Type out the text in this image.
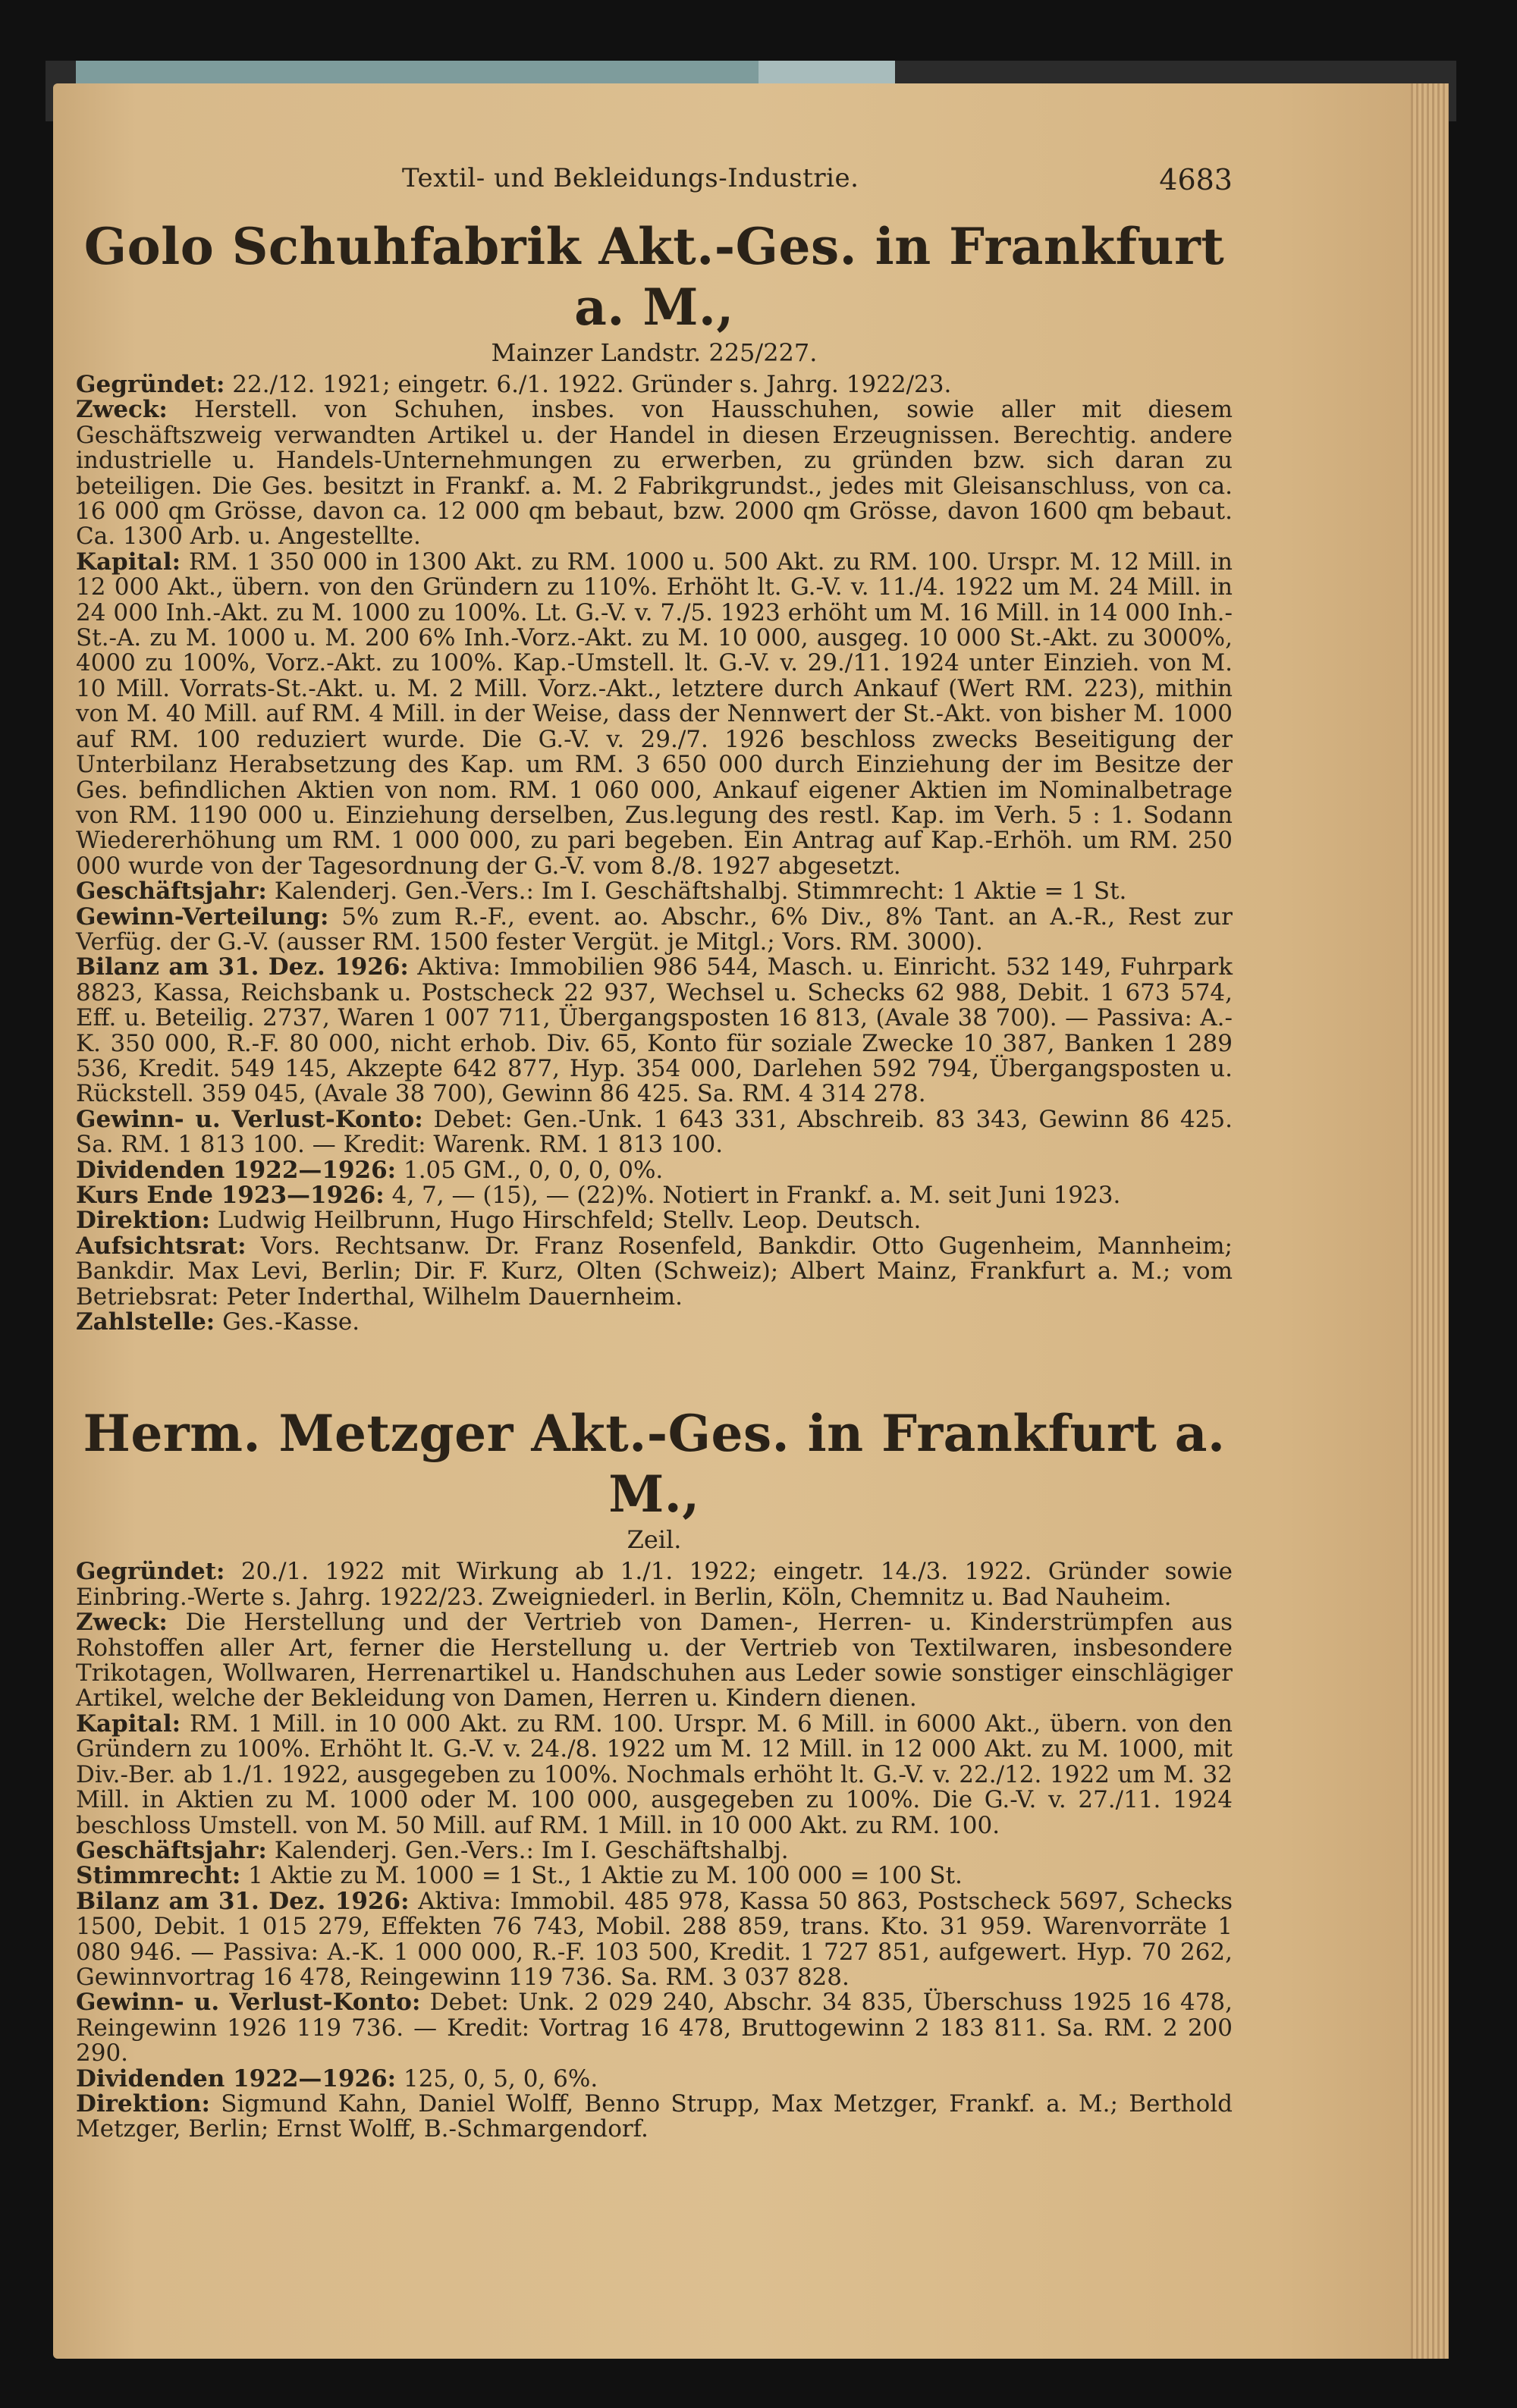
Textil- und Bekleidungs-Industrie.	4683
Golo Schuhfabrik Akt.-Ges. in Frankfurt a. M.,
Mainzer Landstr. 225/227.

Gegründet: 22./12. 1921; eingetr. 6./1. 1922. Gründer s. Jahrg. 1922/23.

Zweck: Herstell. von Schuhen, insbes. von Hausschuhen, sowie aller mit diesem Geschäftszweig verwandten Artikel u. der Handel in diesen Erzeugnissen. Berechtig. andere industrielle u. Handels-Unternehmungen zu erwerben, zu gründen bzw. sich daran zu beteiligen. Die Ges. besitzt in Frankf. a. M. 2 Fabrikgrundst., jedes mit Gleisanschluss, von ca. 16 000 qm Grösse, davon ca. 12 000 qm bebaut, bzw. 2000 qm Grösse, davon 1600 qm bebaut. Ca. 1300 Arb. u. Angestellte.

Kapital: RM. 1 350 000 in 1300 Akt. zu RM. 1000 u. 500 Akt. zu RM. 100. Urspr. M. 12 Mill. in 12 000 Akt., übern. von den Gründern zu 110%. Erhöht lt. G.-V. v. 11./4. 1922 um M. 24 Mill. in 24 000 Inh.-Akt. zu M. 1000 zu 100%. Lt. G.-V. v. 7./5. 1923 erhöht um M. 16 Mill. in 14 000 Inh.-St.-A. zu M. 1000 u. M. 200 6% Inh.-Vorz.-Akt. zu M. 10 000, ausgeg. 10 000 St.-Akt. zu 3000%, 4000 zu 100%, Vorz.-Akt. zu 100%. Kap.-Umstell. lt. G.-V. v. 29./11. 1924 unter Einzieh. von M. 10 Mill. Vorrats-St.-Akt. u. M. 2 Mill. Vorz.-Akt., letztere durch Ankauf (Wert RM. 223), mithin von M. 40 Mill. auf RM. 4 Mill. in der Weise, dass der Nennwert der St.-Akt. von bisher M. 1000 auf RM. 100 reduziert wurde. Die G.-V. v. 29./7. 1926 beschloss zwecks Beseitigung der Unterbilanz Herabsetzung des Kap. um RM. 3 650 000 durch Einziehung der im Besitze der Ges. befindlichen Aktien von nom. RM. 1 060 000, Ankauf eigener Aktien im Nominalbetrage von RM. 1190 000 u. Einziehung derselben, Zus.legung des restl. Kap. im Verh. 5 : 1. Sodann Wiedererhöhung um RM. 1 000 000, zu pari begeben. Ein Antrag auf Kap.-Erhöh. um RM. 250 000 wurde von der Tagesordnung der G.-V. vom 8./8. 1927 abgesetzt.

Geschäftsjahr: Kalenderj. Gen.-Vers.: Im I. Geschäftshalbj. Stimmrecht: 1 Aktie = 1 St.

Gewinn-Verteilung: 5% zum R.-F., event. ao. Abschr., 6% Div., 8% Tant. an A.-R., Rest zur Verfüg. der G.-V. (ausser RM. 1500 fester Vergüt. je Mitgl.; Vors. RM. 3000).

Bilanz am 31. Dez. 1926: Aktiva: Immobilien 986 544, Masch. u. Einricht. 532 149, Fuhrpark 8823, Kassa, Reichsbank u. Postscheck 22 937, Wechsel u. Schecks 62 988, Debit. 1 673 574, Eff. u. Beteilig. 2737, Waren 1 007 711, Übergangsposten 16 813, (Avale 38 700). — Passiva: A.-K. 350 000, R.-F. 80 000, nicht erhob. Div. 65, Konto für soziale Zwecke 10 387, Banken 1 289 536, Kredit. 549 145, Akzepte 642 877, Hyp. 354 000, Darlehen 592 794, Übergangsposten u. Rückstell. 359 045, (Avale 38 700), Gewinn 86 425. Sa. RM. 4 314 278.

Gewinn- u. Verlust-Konto: Debet: Gen.-Unk. 1 643 331, Abschreib. 83 343, Gewinn 86 425. Sa. RM. 1 813 100. — Kredit: Warenk. RM. 1 813 100.

Dividenden 1922—1926: 1.05 GM., 0, 0, 0, 0%.

Kurs Ende 1923—1926: 4, 7, — (15), — (22)%. Notiert in Frankf. a. M. seit Juni 1923.

Direktion: Ludwig Heilbrunn, Hugo Hirschfeld; Stellv. Leop. Deutsch.

Aufsichtsrat: Vors. Rechtsanw. Dr. Franz Rosenfeld, Bankdir. Otto Gugenheim, Mannheim; Bankdir. Max Levi, Berlin; Dir. F. Kurz, Olten (Schweiz); Albert Mainz, Frankfurt a. M.; vom Betriebsrat: Peter Inderthal, Wilhelm Dauernheim.

Zahlstelle: Ges.-Kasse.

Herm. Metzger Akt.-Ges. in Frankfurt a. M.,
Zeil.

Gegründet: 20./1. 1922 mit Wirkung ab 1./1. 1922; eingetr. 14./3. 1922. Gründer sowie Einbring.-Werte s. Jahrg. 1922/23. Zweigniederl. in Berlin, Köln, Chemnitz u. Bad Nauheim.

Zweck: Die Herstellung und der Vertrieb von Damen-, Herren- u. Kinderstrümpfen aus Rohstoffen aller Art, ferner die Herstellung u. der Vertrieb von Textilwaren, insbesondere Trikotagen, Wollwaren, Herrenartikel u. Handschuhen aus Leder sowie sonstiger einschlägiger Artikel, welche der Bekleidung von Damen, Herren u. Kindern dienen.

Kapital: RM. 1 Mill. in 10 000 Akt. zu RM. 100. Urspr. M. 6 Mill. in 6000 Akt., übern. von den Gründern zu 100%. Erhöht lt. G.-V. v. 24./8. 1922 um M. 12 Mill. in 12 000 Akt. zu M. 1000, mit Div.-Ber. ab 1./1. 1922, ausgegeben zu 100%. Nochmals erhöht lt. G.-V. v. 22./12. 1922 um M. 32 Mill. in Aktien zu M. 1000 oder M. 100 000, ausgegeben zu 100%. Die G.-V. v. 27./11. 1924 beschloss Umstell. von M. 50 Mill. auf RM. 1 Mill. in 10 000 Akt. zu RM. 100.

Geschäftsjahr: Kalenderj. Gen.-Vers.: Im I. Geschäftshalbj.

Stimmrecht: 1 Aktie zu M. 1000 = 1 St., 1 Aktie zu M. 100 000 = 100 St.

Bilanz am 31. Dez. 1926: Aktiva: Immobil. 485 978, Kassa 50 863, Postscheck 5697, Schecks 1500, Debit. 1 015 279, Effekten 76 743, Mobil. 288 859, trans. Kto. 31 959. Warenvorräte 1 080 946. — Passiva: A.-K. 1 000 000, R.-F. 103 500, Kredit. 1 727 851, aufgewert. Hyp. 70 262, Gewinnvortrag 16 478, Reingewinn 119 736. Sa. RM. 3 037 828.

Gewinn- u. Verlust-Konto: Debet: Unk. 2 029 240, Abschr. 34 835, Überschuss 1925 16 478, Reingewinn 1926 119 736. — Kredit: Vortrag 16 478, Bruttogewinn 2 183 811. Sa. RM. 2 200 290.

Dividenden 1922—1926: 125, 0, 5, 0, 6%.

Direktion: Sigmund Kahn, Daniel Wolff, Benno Strupp, Max Metzger, Frankf. a. M.; Berthold Metzger, Berlin; Ernst Wolff, B.-Schmargendorf.
